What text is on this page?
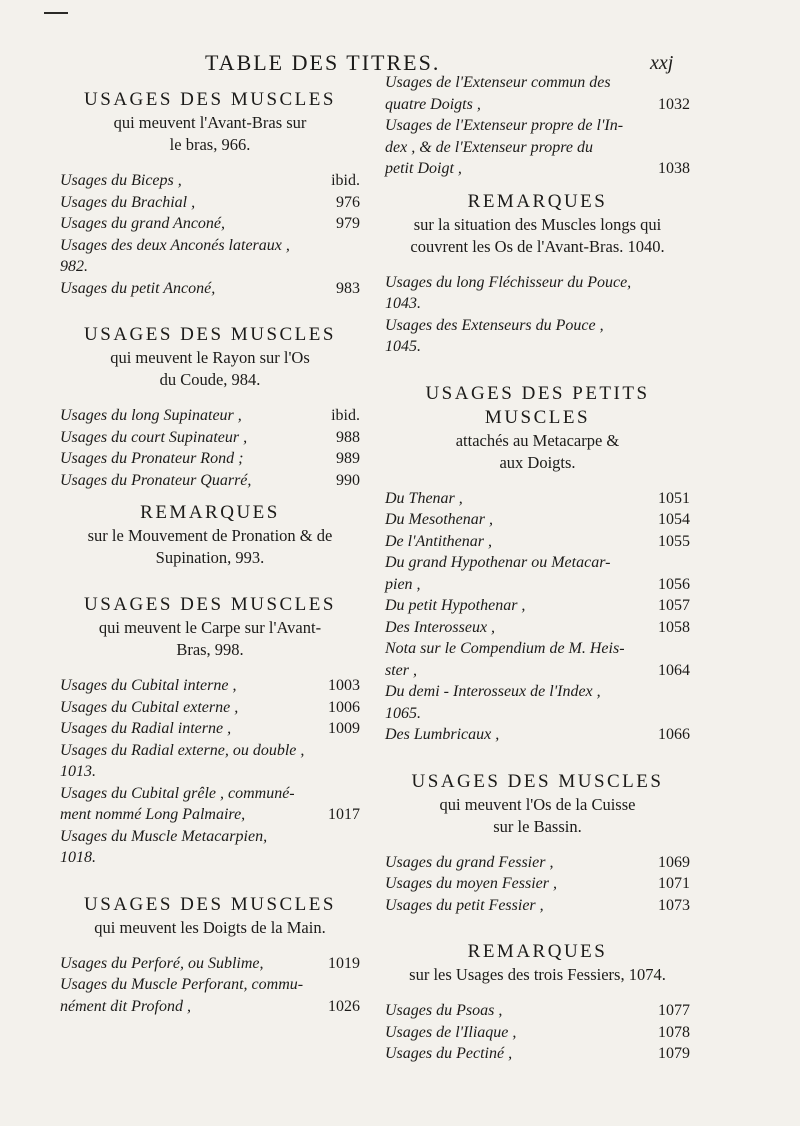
TABLE DES TITRES.	xxj
USAGES DES MUSCLES
qui meuvent l'Avant-Bras sur
le bras, 966.
Usages du Biceps ,	ibid.
Usages du Brachial ,	976
Usages du grand Anconé,	979
Usages des deux Anconés lateraux ,
982.
Usages du petit Anconé,	983
USAGES DES MUSCLES
qui meuvent le Rayon sur l'Os
du Coude, 984.
Usages du long Supinateur ,	ibid.
Usages du court Supinateur ,	988
Usages du Pronateur Rond ;	989
Usages du Pronateur Quarré,	990
REMARQUES
sur le Mouvement de Pronation & de
Supination, 993.
USAGES DES MUSCLES
qui meuvent le Carpe sur l'Avant-
Bras, 998.
Usages du Cubital interne ,	1003
Usages du Cubital externe ,	1006
Usages du Radial interne ,	1009
Usages du Radial externe, ou double ,
1013.
Usages du Cubital grêle , communé-
ment nommé Long Palmaire,	1017
Usages du Muscle Metacarpien,
1018.
USAGES DES MUSCLES
qui meuvent les Doigts de la Main.
Usages du Perforé, ou Sublime,	1019
Usages du Muscle Perforant, commu-
nément dit Profond ,	1026
Usages de l'Extenseur commun des
quatre Doigts ,	1032
Usages de l'Extenseur propre de l'In-
dex , & de l'Extenseur propre du
petit Doigt ,	1038
REMARQUES
sur la situation des Muscles longs qui
couvrent les Os de l'Avant-Bras. 1040.
Usages du long Fléchisseur du Pouce,
1043.
Usages des Extenseurs du Pouce ,
1045.
USAGES DES PETITS MUSCLES
attachés au Metacarpe &
aux Doigts.
Du Thenar ,	1051
Du Mesothenar ,	1054
De l'Antithenar ,	1055
Du grand Hypothenar ou Metacar-
pien ,	1056
Du petit Hypothenar ,	1057
Des Interosseux ,	1058
Nota sur le Compendium de M. Heis-
ster ,	1064
Du demi - Interosseux de l'Index ,
1065.
Des Lumbricaux ,	1066
USAGES DES MUSCLES
qui meuvent l'Os de la Cuisse
sur le Bassin.
Usages du grand Fessier ,	1069
Usages du moyen Fessier ,	1071
Usages du petit Fessier ,	1073
REMARQUES
sur les Usages des trois Fessiers, 1074.
Usages du Psoas ,	1077
Usages de l'Iliaque ,	1078
Usages du Pectiné ,	1079
